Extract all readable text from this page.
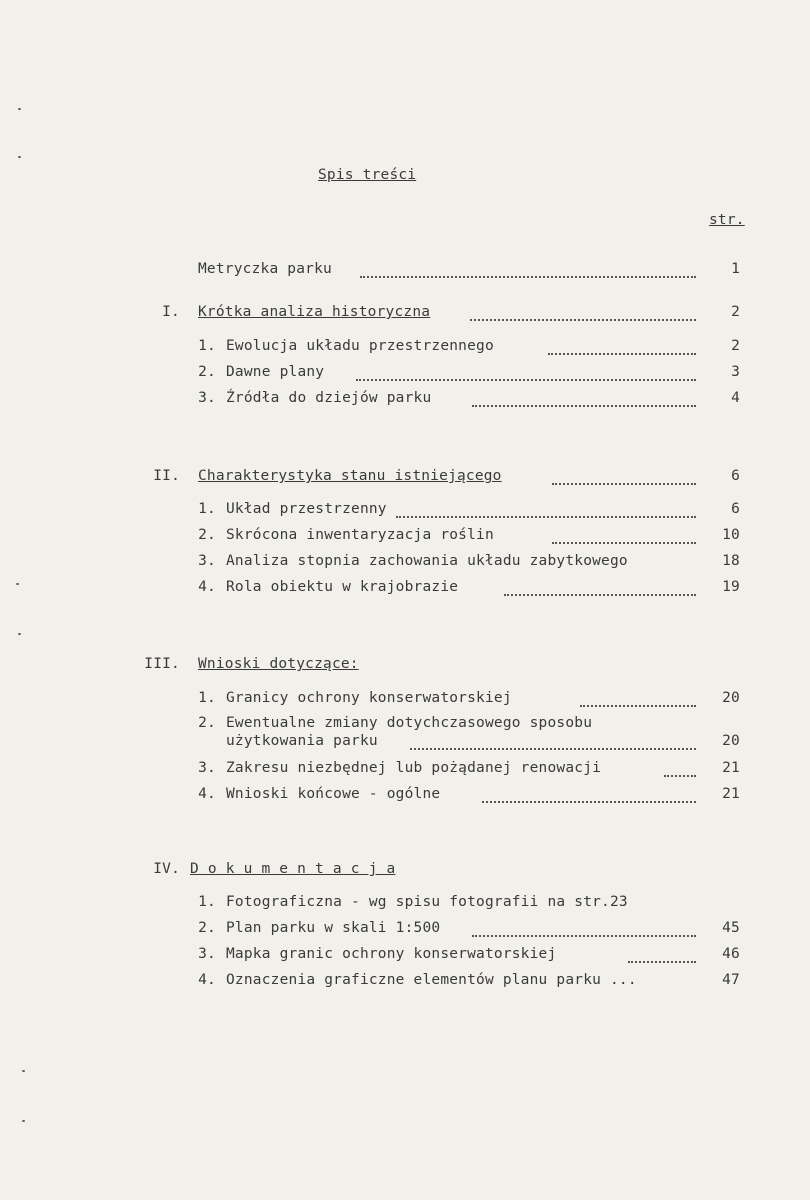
Spis treści
str.
Metryczka parku	1
I. Krótka analiza historyczna	2
1. Ewolucja układu przestrzennego	2
2. Dawne plany	3
3. Źródła do dziejów parku	4
II. Charakterystyka stanu istniejącego	6
1. Układ przestrzenny	6
2. Skrócona inwentaryzacja roślin	10
3. Analiza stopnia zachowania układu zabytkowego	18
4. Rola obiektu w krajobrazie	19
III. Wnioski dotyczące:
1. Granicy ochrony konserwatorskiej	20
2. Ewentualne zmiany dotychczasowego sposobu
użytkowania parku	20
3. Zakresu niezbędnej lub pożądanej renowacji	21
4. Wnioski końcowe - ogólne	21
IV. D o k u m e n t a c j a
1. Fotograficzna - wg spisu fotografii na str.23
2. Plan parku w skali 1:500	45
3. Mapka granic ochrony konserwatorskiej	46
4. Oznaczenia graficzne elementów planu parku ...	47
